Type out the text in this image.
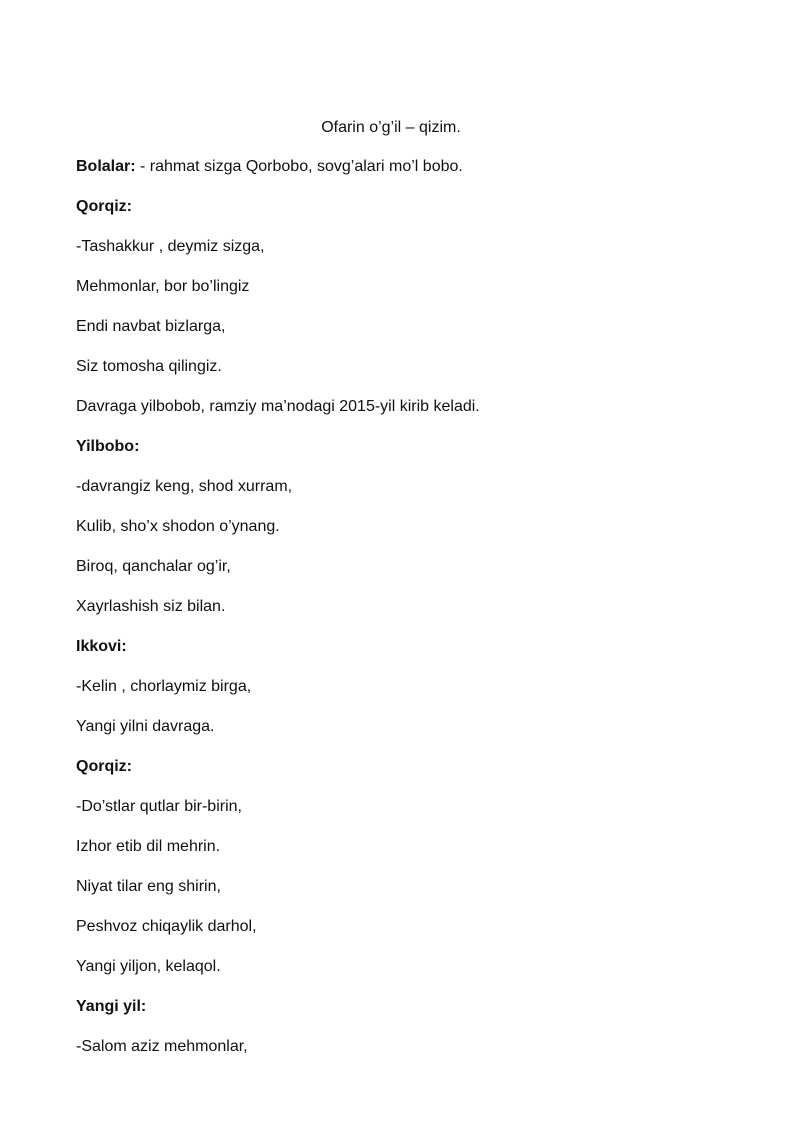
Ofarin o’g’il – qizim.
Bolalar: - rahmat sizga Qorbobo, sovg’alari mo’l bobo.
Qorqiz:
-Tashakkur , deymiz sizga,
Mehmonlar, bor bo’lingiz
Endi navbat bizlarga,
Siz tomosha qilingiz.
Davraga yilbobob, ramziy ma’nodagi 2015-yil kirib keladi.
Yilbobo:
-davrangiz keng, shod xurram,
Kulib, sho’x shodon o’ynang.
Biroq, qanchalar og’ir,
Xayrlashish siz bilan.
Ikkovi:
-Kelin , chorlaymiz birga,
Yangi yilni davraga.
Qorqiz:
-Do’stlar qutlar bir-birin,
Izhor etib dil mehrin.
Niyat tilar eng shirin,
Peshvoz chiqaylik darhol,
Yangi yiljon, kelaqol.
Yangi yil:
-Salom aziz mehmonlar,
